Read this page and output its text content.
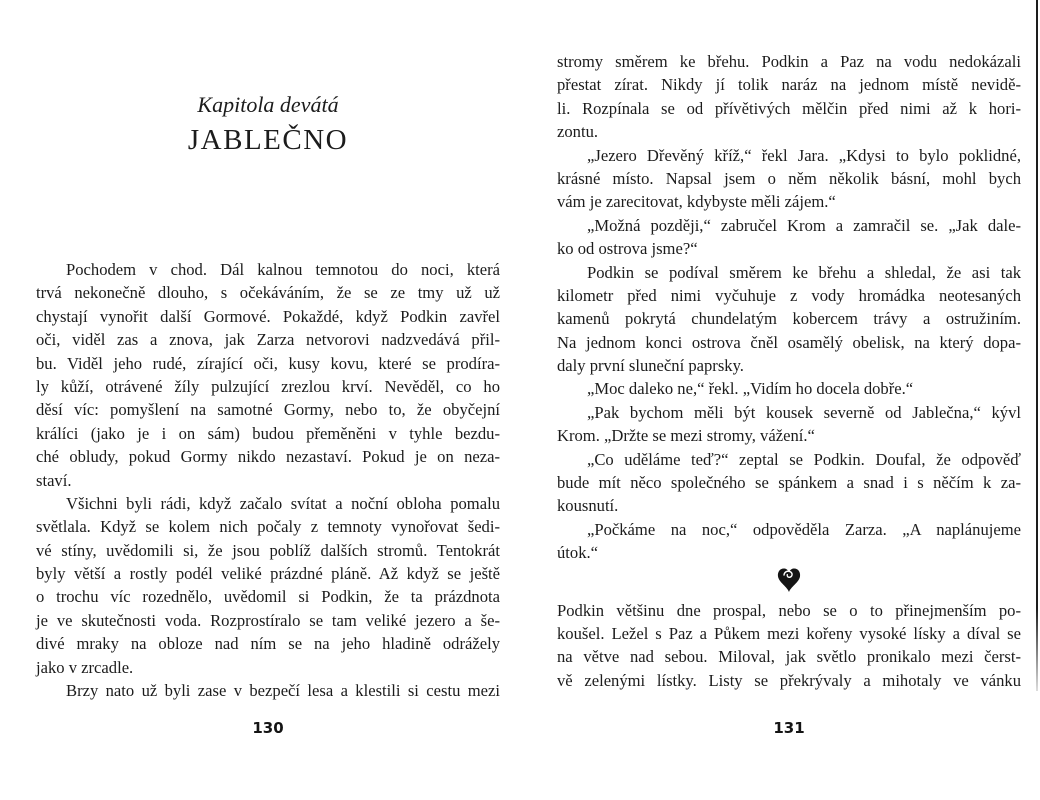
Kapitola devátá
JABLEČNO
Pochodem v chod. Dál kalnou temnotou do noci, která
trvá nekonečně dlouho, s očekáváním, že se ze tmy už už
chystají vynořit další Gormové. Pokaždé, když Podkin zavřel
oči, viděl zas a znova, jak Zarza netvorovi nadzvedává přil-
bu. Viděl jeho rudé, zírající oči, kusy kovu, které se prodíra-
ly kůží, otrávené žíly pulzující zrezlou krví. Nevěděl, co ho
děsí víc: pomyšlení na samotné Gormy, nebo to, že obyčejní
králíci (jako je i on sám) budou přeměněni v tyhle bezdu-
ché obludy, pokud Gormy nikdo nezastaví. Pokud je on neza-
staví.
Všichni byli rádi, když začalo svítat a noční obloha pomalu
světlala. Když se kolem nich počaly z temnoty vynořovat šedi-
vé stíny, uvědomili si, že jsou poblíž dalších stromů. Tentokrát
byly větší a rostly podél veliké prázdné pláně. Až když se ještě
o trochu víc rozednělo, uvědomil si Podkin, že ta prázdnota
je ve skutečnosti voda. Rozprostíralo se tam veliké jezero a še-
divé mraky na obloze nad ním se na jeho hladině odrážely
jako v zrcadle.
Brzy nato už byli zase v bezpečí lesa a klestili si cestu mezi
130
stromy směrem ke břehu. Podkin a Paz na vodu nedokázali
přestat zírat. Nikdy jí tolik naráz na jednom místě nevidě-
li. Rozpínala se od přívětivých mělčin před nimi až k hori-
zontu.
„Jezero Dřevěný kříž,“ řekl Jara. „Kdysi to bylo poklidné,
krásné místo. Napsal jsem o něm několik básní, mohl bych
vám je zarecitovat, kdybyste měli zájem.“
„Možná později,“ zabručel Krom a zamračil se. „Jak dale-
ko od ostrova jsme?“
Podkin se podíval směrem ke břehu a shledal, že asi tak
kilometr před nimi vyčuhuje z vody hromádka neotesaných
kamenů pokrytá chundelatým kobercem trávy a ostružiním.
Na jednom konci ostrova čněl osamělý obelisk, na který dopa-
daly první sluneční paprsky.
„Moc daleko ne,“ řekl. „Vidím ho docela dobře.“
„Pak bychom měli být kousek severně od Jablečna,“ kývl
Krom. „Držte se mezi stromy, vážení.“
„Co uděláme teď?“ zeptal se Podkin. Doufal, že odpověď
bude mít něco společného se spánkem a snad i s něčím k za-
kousnutí.
„Počkáme na noc,“ odpověděla Zarza. „A naplánujeme
útok.“
Podkin většinu dne prospal, nebo se o to přinejmenším po-
koušel. Ležel s Paz a Půkem mezi kořeny vysoké lísky a díval se
na větve nad sebou. Miloval, jak světlo pronikalo mezi čerst-
vě zelenými lístky. Listy se překrývaly a mihotaly ve vánku
131
